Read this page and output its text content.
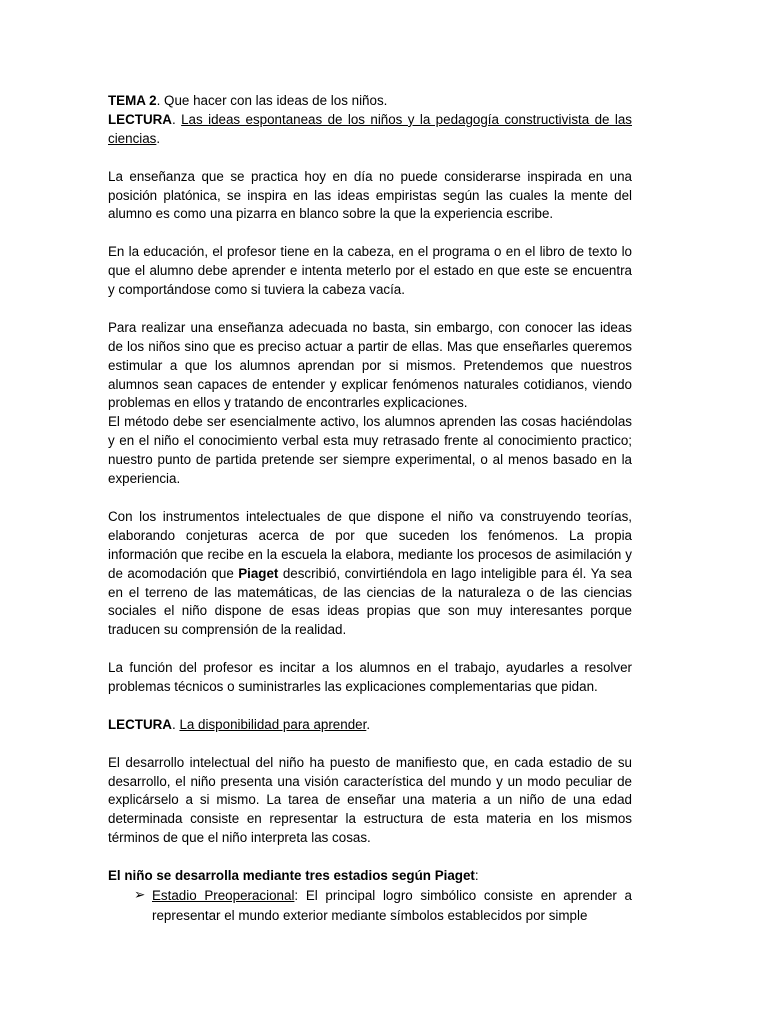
TEMA 2. Que hacer con las ideas de los niños.

LECTURA. Las ideas espontaneas de los niños y la pedagogía constructivista de las ciencias.

La enseñanza que se practica hoy en día no puede considerarse inspirada en una posición platónica, se inspira en las ideas empiristas según las cuales la mente del alumno es como una pizarra en blanco sobre la que la experiencia escribe.

En la educación, el profesor tiene en la cabeza, en el programa o en el libro de texto lo que el alumno debe aprender e intenta meterlo por el estado en que este se encuentra y comportándose como si tuviera la cabeza vacía.

Para realizar una enseñanza adecuada no basta, sin embargo, con conocer las ideas de los niños sino que es preciso actuar a partir de ellas. Mas que enseñarles queremos estimular a que los alumnos aprendan por si mismos. Pretendemos que nuestros alumnos sean capaces de entender y explicar fenómenos naturales cotidianos, viendo problemas en ellos y tratando de encontrarles explicaciones.

El método debe ser esencialmente activo, los alumnos aprenden las cosas haciéndolas y en el niño el conocimiento verbal esta muy retrasado frente al conocimiento practico; nuestro punto de partida pretende ser siempre experimental, o al menos basado en la experiencia.

Con los instrumentos intelectuales de que dispone el niño va construyendo teorías, elaborando conjeturas acerca de por que suceden los fenómenos. La propia información que recibe en la escuela la elabora, mediante los procesos de asimilación y de acomodación que Piaget describió, convirtiéndola en lago inteligible para él. Ya sea en el terreno de las matemáticas, de las ciencias de la naturaleza o de las ciencias sociales el niño dispone de esas ideas propias que son muy interesantes porque traducen su comprensión de la realidad.

La función del profesor es incitar a los alumnos en el trabajo, ayudarles a resolver problemas técnicos o suministrarles las explicaciones complementarias que pidan.

LECTURA. La disponibilidad para aprender.

El desarrollo intelectual del niño ha puesto de manifiesto que, en cada estadio de su desarrollo, el niño presenta una visión característica del mundo y un modo peculiar de explicárselo a si mismo. La tarea de enseñar una materia a un niño de una edad determinada consiste en representar la estructura de esta materia en los mismos términos de que el niño interpreta las cosas.

El niño se desarrolla mediante tres estadios según Piaget:

➢ Estadio Preoperacional: El principal logro simbólico consiste en aprender a representar el mundo exterior mediante símbolos establecidos por simple
